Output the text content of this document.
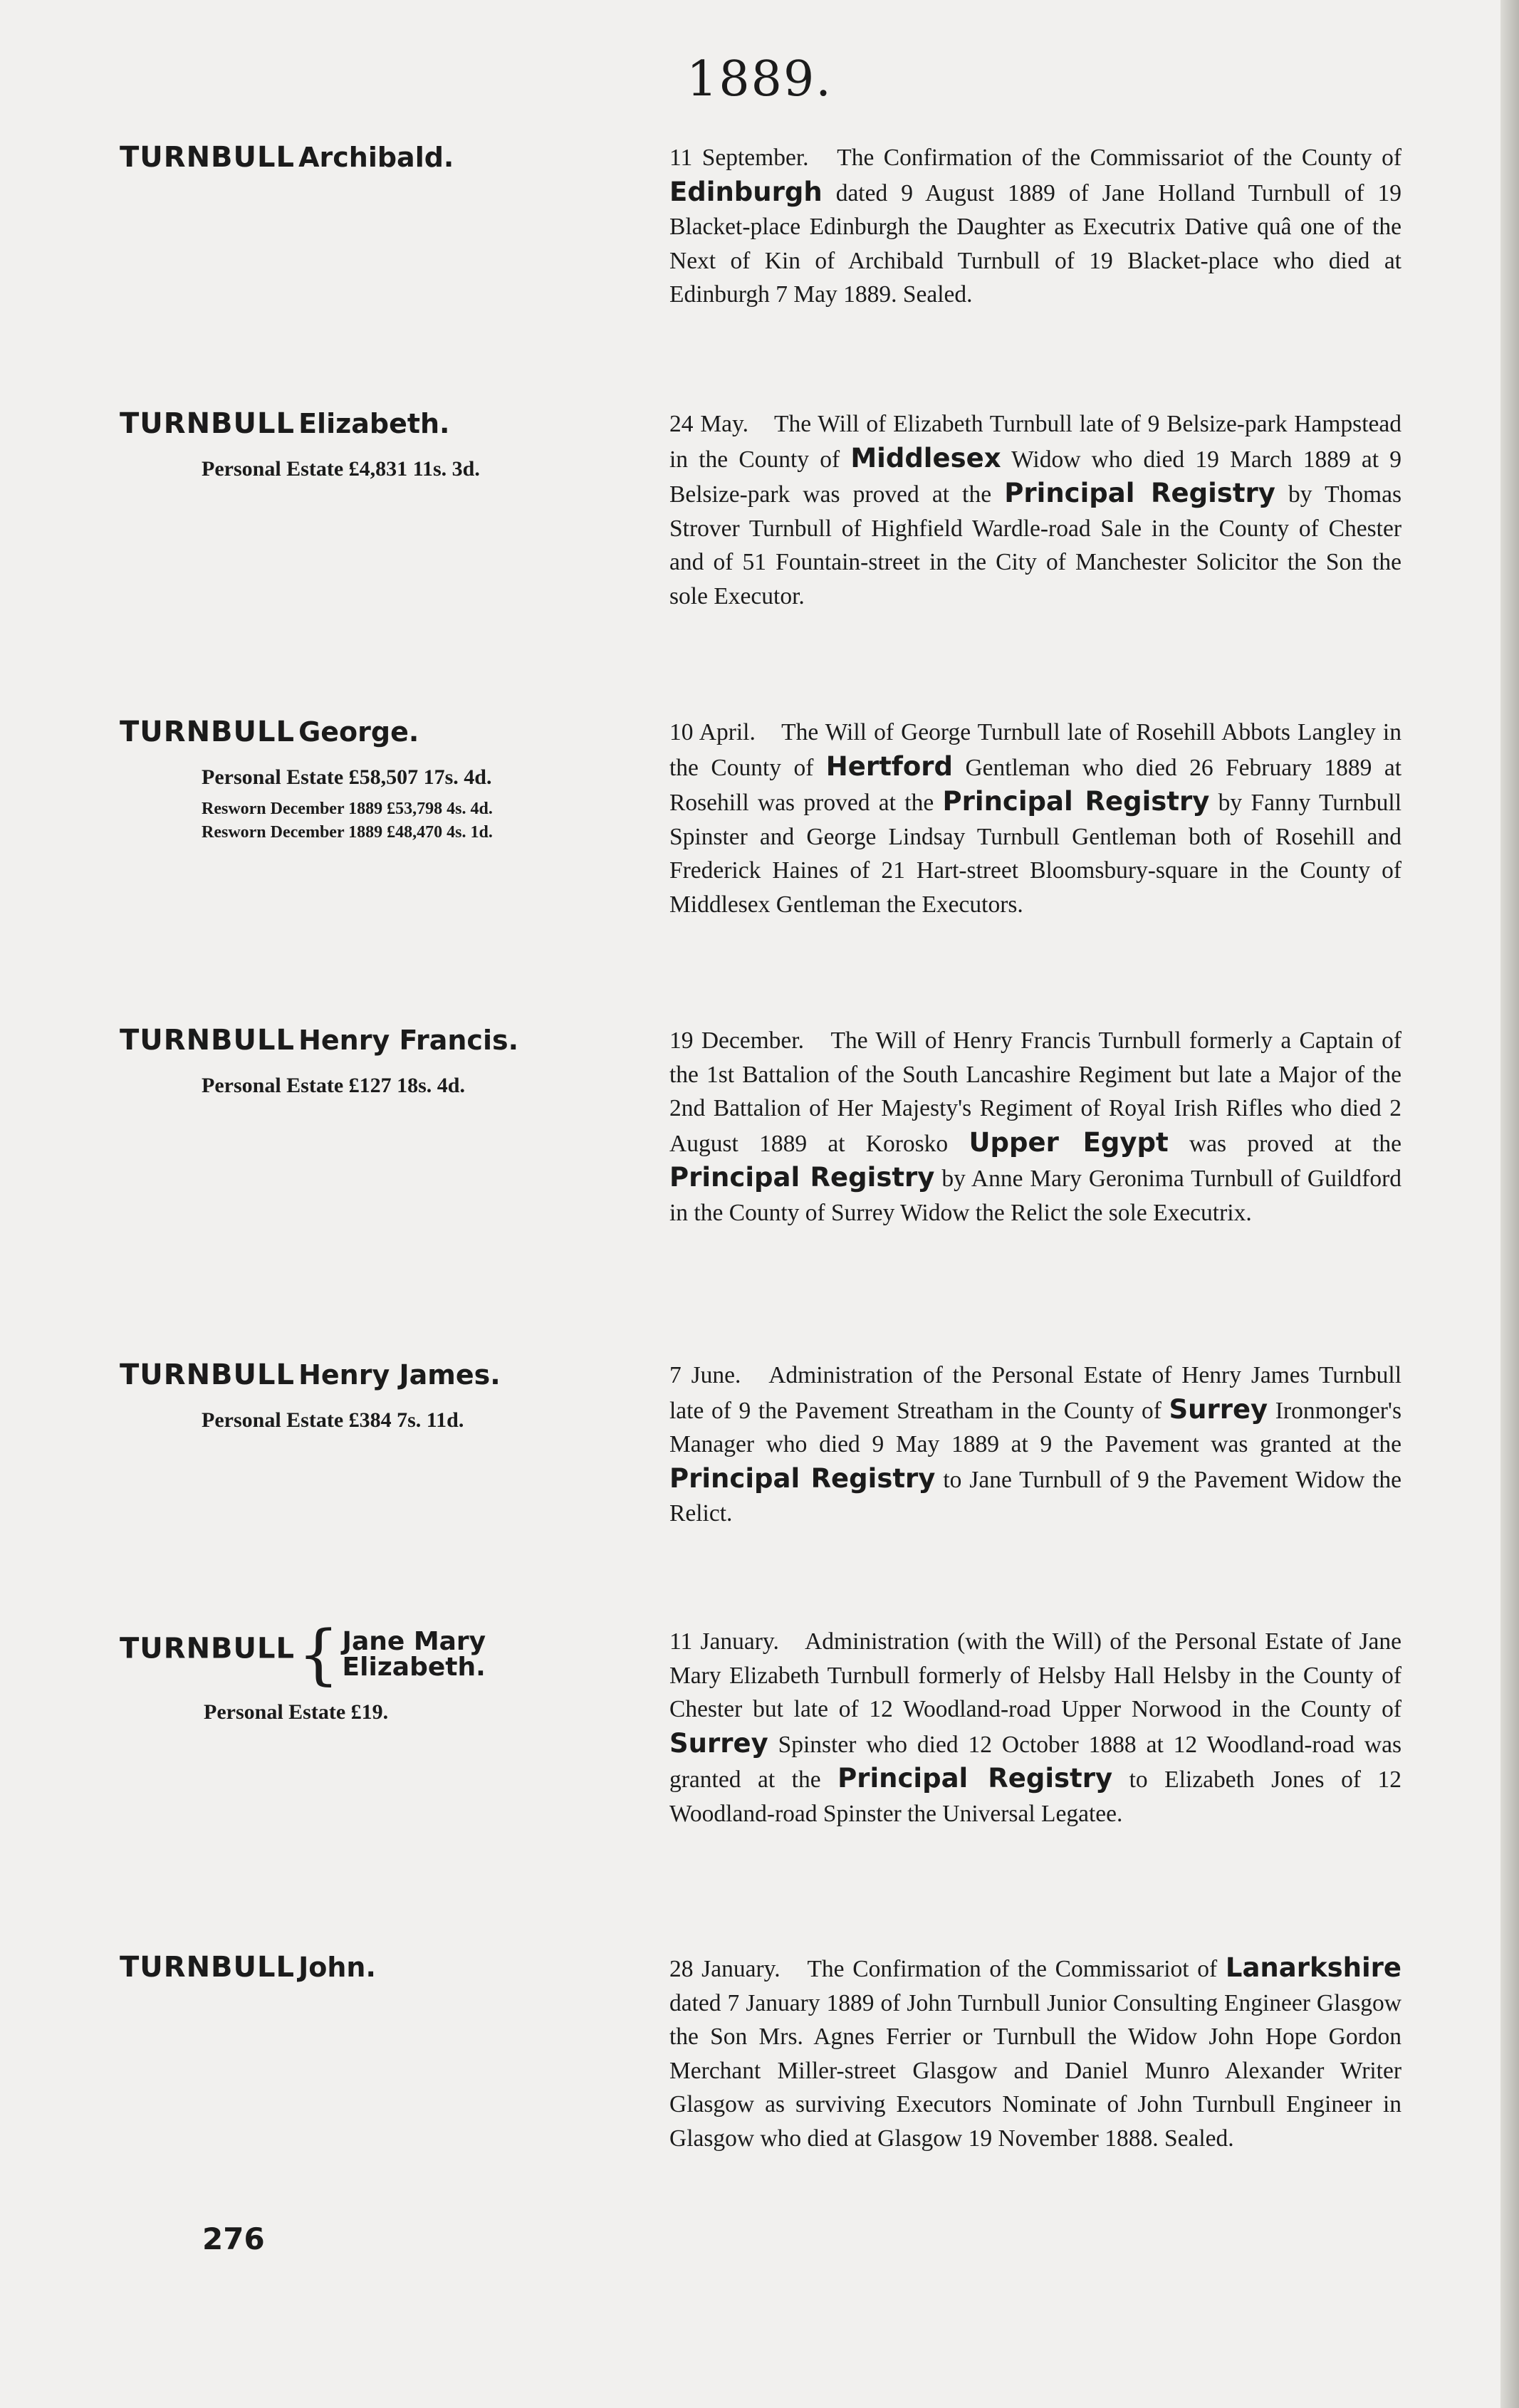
1889.
TURNBULL Archibald.	11 September. The Confirmation of the Commissariot of the County of Edinburgh dated 9 August 1889 of Jane Holland Turnbull of 19 Blacket-place Edinburgh the Daughter as Executrix Dative quâ one of the Next of Kin of Archibald Turnbull of 19 Blacket-place who died at Edinburgh 7 May 1889. Sealed.
TURNBULL Elizabeth.
Personal Estate £4,831 11s. 3d.
24 May. The Will of Elizabeth Turnbull late of 9 Belsize-park Hampstead in the County of Middlesex Widow who died 19 March 1889 at 9 Belsize-park was proved at the Principal Registry by Thomas Strover Turnbull of Highfield Wardle-road Sale in the County of Chester and of 51 Fountain-street in the City of Manchester Solicitor the Son the sole Executor.
TURNBULL George.
Personal Estate £58,507 17s. 4d.
Resworn December 1889 £53,798 4s. 4d.
Resworn December 1889 £48,470 4s. 1d.
10 April. The Will of George Turnbull late of Rosehill Abbots Langley in the County of Hertford Gentleman who died 26 February 1889 at Rosehill was proved at the Principal Registry by Fanny Turnbull Spinster and George Lindsay Turnbull Gentleman both of Rosehill and Frederick Haines of 21 Hart-street Bloomsbury-square in the County of Middlesex Gentleman the Executors.
TURNBULL Henry Francis.
Personal Estate £127 18s. 4d.
19 December. The Will of Henry Francis Turnbull formerly a Captain of the 1st Battalion of the South Lancashire Regiment but late a Major of the 2nd Battalion of Her Majesty's Regiment of Royal Irish Rifles who died 2 August 1889 at Korosko Upper Egypt was proved at the Principal Registry by Anne Mary Geronima Turnbull of Guildford in the County of Surrey Widow the Relict the sole Executrix.
TURNBULL Henry James.
Personal Estate £384 7s. 11d.
7 June. Administration of the Personal Estate of Henry James Turnbull late of 9 the Pavement Streatham in the County of Surrey Ironmonger's Manager who died 9 May 1889 at 9 the Pavement was granted at the Principal Registry to Jane Turnbull of 9 the Pavement Widow the Relict.
TURNBULL { Jane Mary
Elizabeth.
Personal Estate £19.
11 January. Administration (with the Will) of the Personal Estate of Jane Mary Elizabeth Turnbull formerly of Helsby Hall Helsby in the County of Chester but late of 12 Woodland-road Upper Norwood in the County of Surrey Spinster who died 12 October 1888 at 12 Woodland-road was granted at the Principal Registry to Elizabeth Jones of 12 Woodland-road Spinster the Universal Legatee.
TURNBULL John.	28 January. The Confirmation of the Commissariot of Lanarkshire dated 7 January 1889 of John Turnbull Junior Consulting Engineer Glasgow the Son Mrs. Agnes Ferrier or Turnbull the Widow John Hope Gordon Merchant Miller-street Glasgow and Daniel Munro Alexander Writer Glasgow as surviving Executors Nominate of John Turnbull Engineer in Glasgow who died at Glasgow 19 November 1888. Sealed.
276
